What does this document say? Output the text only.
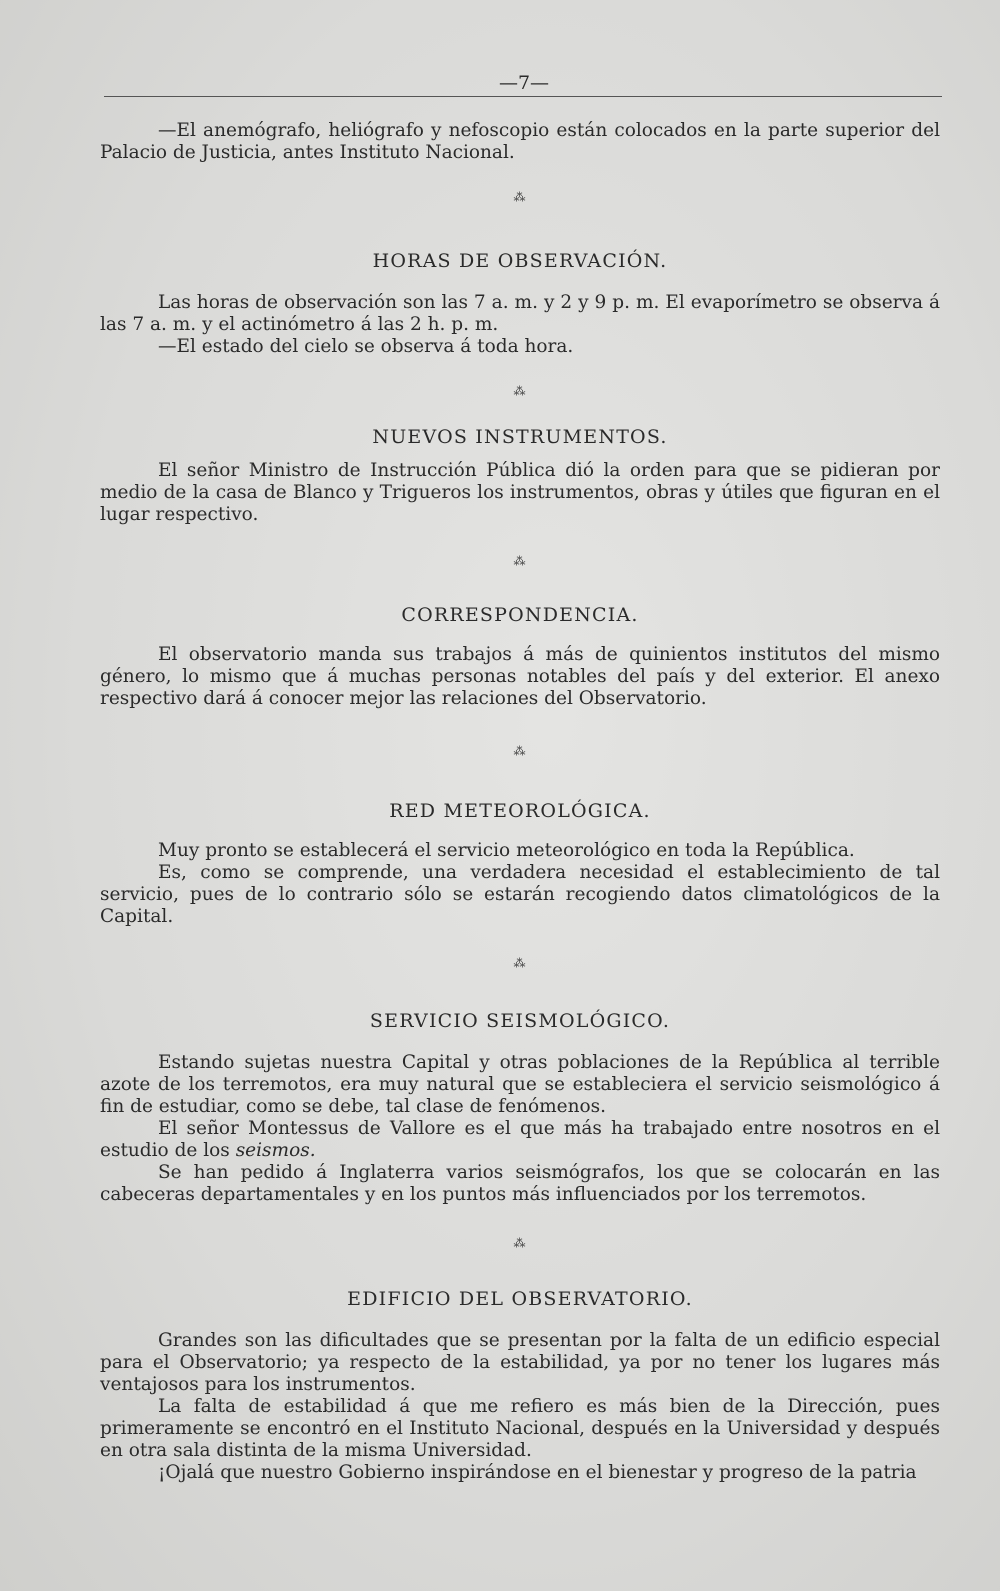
—7—

—El anemógrafo, heliógrafo y nefoscopio están colocados en la parte superior del Palacio de Justicia, antes Instituto Nacional.

⁂
HORAS DE OBSERVACIÓN.

Las horas de observación son las 7 a. m. y 2 y 9 p. m. El evaporímetro se observa á las 7 a. m. y el actinómetro á las 2 h. p. m.

—El estado del cielo se observa á toda hora.

⁂
NUEVOS INSTRUMENTOS.

El señor Ministro de Instrucción Pública dió la orden para que se pidieran por medio de la casa de Blanco y Trigueros los instrumentos, obras y útiles que figuran en el lugar respectivo.

⁂
CORRESPONDENCIA.

El observatorio manda sus trabajos á más de quinientos institutos del mismo género, lo mismo que á muchas personas notables del país y del exterior. El anexo respectivo dará á conocer mejor las relaciones del Observatorio.

⁂
RED METEOROLÓGICA.

Muy pronto se establecerá el servicio meteorológico en toda la República.

Es, como se comprende, una verdadera necesidad el establecimiento de tal servicio, pues de lo contrario sólo se estarán recogiendo datos climatológicos de la Capital.

⁂
SERVICIO SEISMOLÓGICO.

Estando sujetas nuestra Capital y otras poblaciones de la República al terrible azote de los terremotos, era muy natural que se estableciera el servicio seismológico á fin de estudiar, como se debe, tal clase de fenómenos.

El señor Montessus de Vallore es el que más ha trabajado entre nosotros en el estudio de los seismos.

Se han pedido á Inglaterra varios seismógrafos, los que se colocarán en las cabeceras departamentales y en los puntos más influenciados por los terremotos.

⁂
EDIFICIO DEL OBSERVATORIO.

Grandes son las dificultades que se presentan por la falta de un edificio especial para el Observatorio; ya respecto de la estabilidad, ya por no tener los lugares más ventajosos para los instrumentos.

La falta de estabilidad á que me refiero es más bien de la Dirección, pues primeramente se encontró en el Instituto Nacional, después en la Universidad y después en otra sala distinta de la misma Universidad.

¡Ojalá que nuestro Gobierno inspirándose en el bienestar y progreso de la patria
